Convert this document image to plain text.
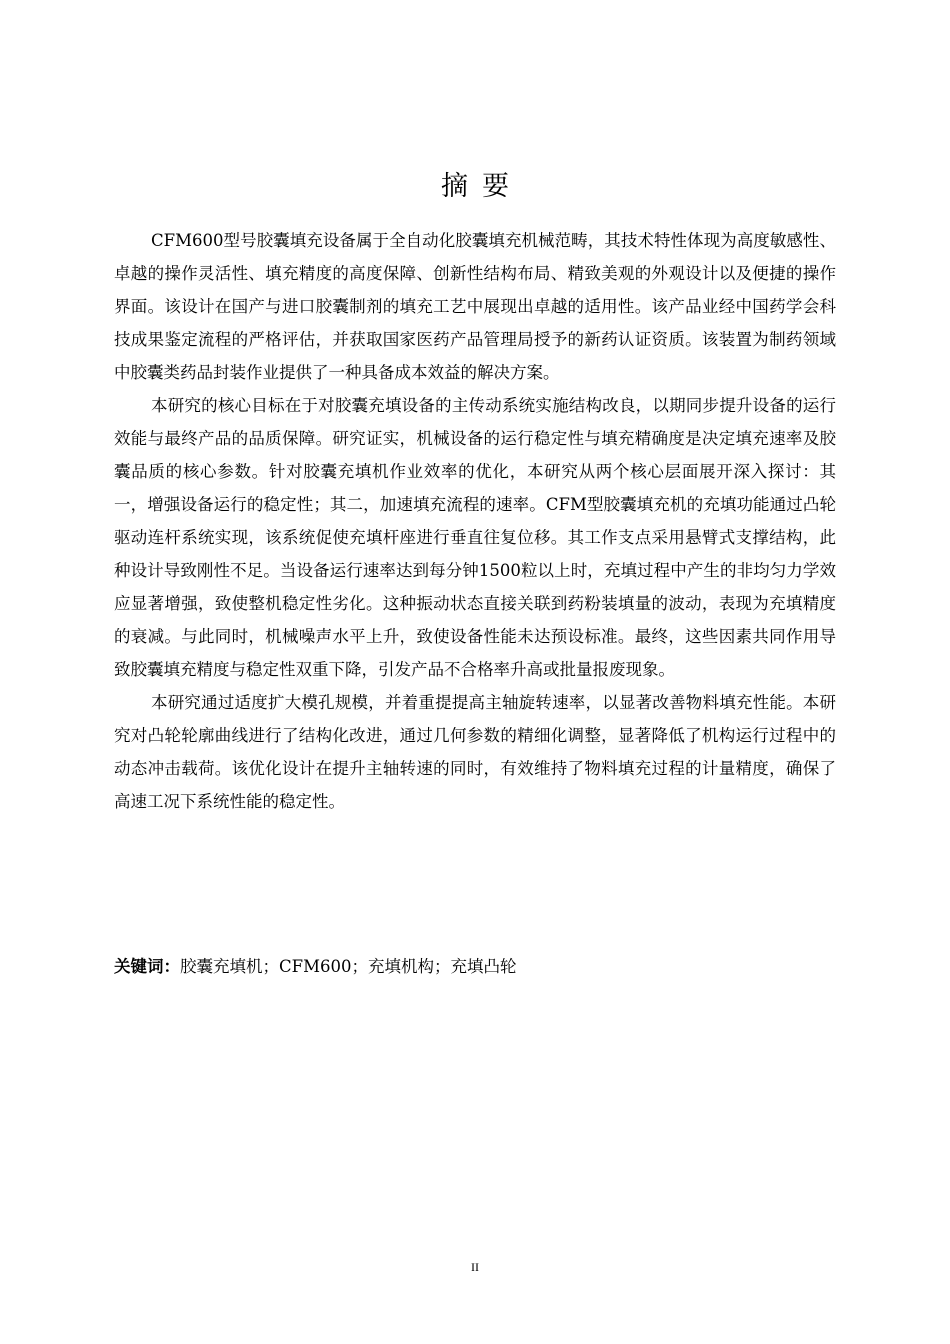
摘要

CFM600型号胶囊填充设备属于全自动化胶囊填充机械范畴，其技术特性体现为高度敏感性、卓越的操作灵活性、填充精度的高度保障、创新性结构布局、精致美观的外观设计以及便捷的操作界面。该设计在国产与进口胶囊制剂的填充工艺中展现出卓越的适用性。该产品业经中国药学会科技成果鉴定流程的严格评估，并获取国家医药产品管理局授予的新药认证资质。该装置为制药领域中胶囊类药品封装作业提供了一种具备成本效益的解决方案。

本研究的核心目标在于对胶囊充填设备的主传动系统实施结构改良，以期同步提升设备的运行效能与最终产品的品质保障。研究证实，机械设备的运行稳定性与填充精确度是决定填充速率及胶囊品质的核心参数。针对胶囊充填机作业效率的优化，本研究从两个核心层面展开深入探讨：其一，增强设备运行的稳定性；其二，加速填充流程的速率。CFM型胶囊填充机的充填功能通过凸轮驱动连杆系统实现，该系统促使充填杆座进行垂直往复位移。其工作支点采用悬臂式支撑结构，此种设计导致刚性不足。当设备运行速率达到每分钟1500粒以上时，充填过程中产生的非均匀力学效应显著增强，致使整机稳定性劣化。这种振动状态直接关联到药粉装填量的波动，表现为充填精度的衰减。与此同时，机械噪声水平上升，致使设备性能未达预设标准。最终，这些因素共同作用导致胶囊填充精度与稳定性双重下降，引发产品不合格率升高或批量报废现象。

本研究通过适度扩大模孔规模，并着重提提高主轴旋转速率，以显著改善物料填充性能。本研究对凸轮轮廓曲线进行了结构化改进，通过几何参数的精细化调整，显著降低了机构运行过程中的动态冲击载荷。该优化设计在提升主轴转速的同时，有效维持了物料填充过程的计量精度，确保了高速工况下系统性能的稳定性。

关键词：胶囊充填机；CFM600；充填机构；充填凸轮

II
